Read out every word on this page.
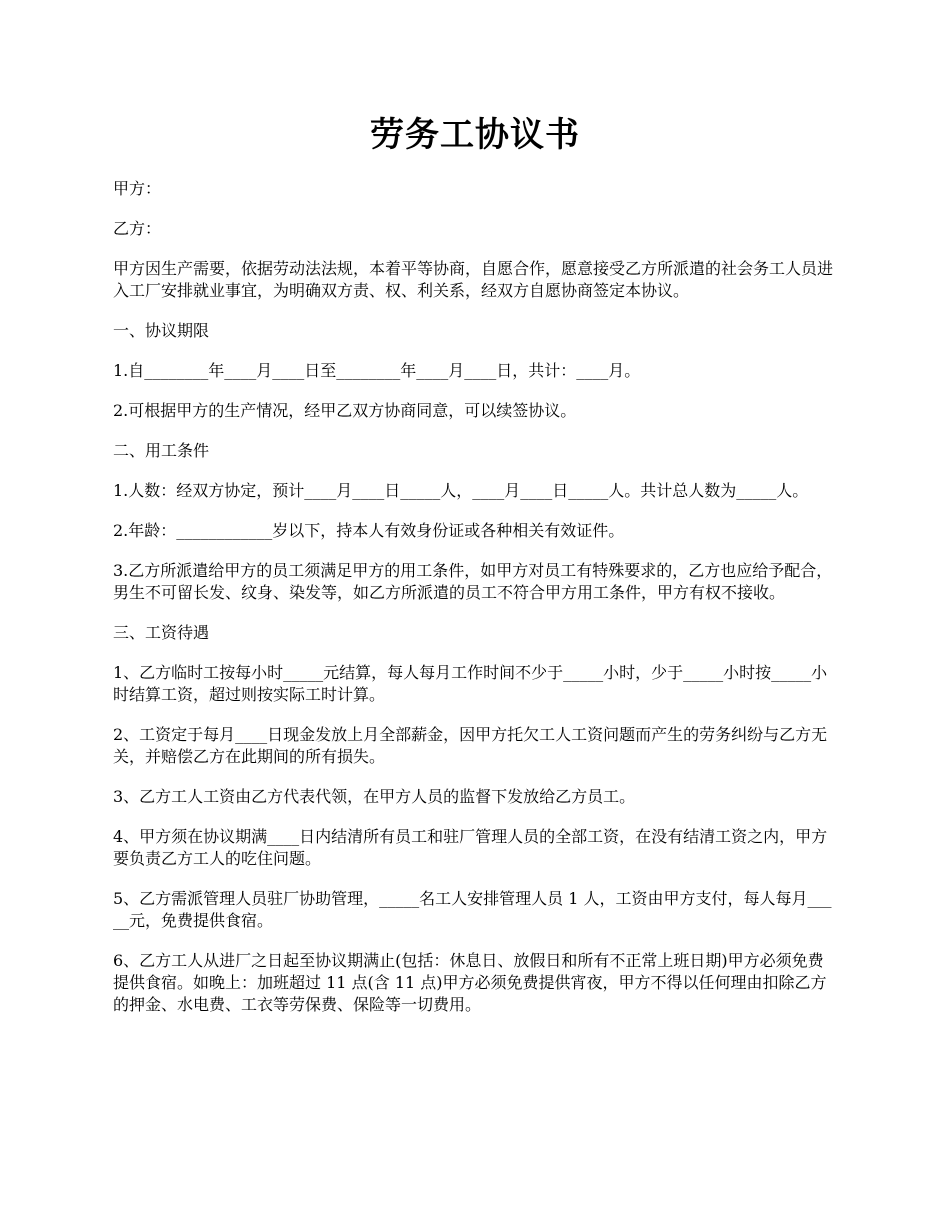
劳务工协议书

甲方：

乙方：

甲方因生产需要，依据劳动法法规，本着平等协商，自愿合作，愿意接受乙方所派遣的社会务工人员进入工厂安排就业事宜，为明确双方责、权、利关系，经双方自愿协商签定本协议。

一、协议期限

1.自________年____月____日至________年____月____日，共计：____月。

2.可根据甲方的生产情况，经甲乙双方协商同意，可以续签协议。

二、用工条件

1.人数：经双方协定，预计____月____日_____人，____月____日_____人。共计总人数为_____人。

2.年龄：____________岁以下，持本人有效身份证或各种相关有效证件。

3.乙方所派遣给甲方的员工须满足甲方的用工条件，如甲方对员工有特殊要求的，乙方也应给予配合，男生不可留长发、纹身、染发等，如乙方所派遣的员工不符合甲方用工条件，甲方有权不接收。

三、工资待遇

1、乙方临时工按每小时_____元结算，每人每月工作时间不少于_____小时，少于_____小时按_____小时结算工资，超过则按实际工时计算。

2、工资定于每月____日现金发放上月全部薪金，因甲方托欠工人工资问题而产生的劳务纠纷与乙方无关，并赔偿乙方在此期间的所有损失。

3、乙方工人工资由乙方代表代领，在甲方人员的监督下发放给乙方员工。

4、甲方须在协议期满____日内结清所有员工和驻厂管理人员的全部工资，在没有结清工资之内，甲方要负责乙方工人的吃住问题。

5、乙方需派管理人员驻厂协助管理，_____名工人安排管理人员 1 人，工资由甲方支付，每人每月_____元，免费提供食宿。

6、乙方工人从进厂之日起至协议期满止(包括：休息日、放假日和所有不正常上班日期)甲方必须免费提供食宿。如晚上：加班超过 11 点(含 11 点)甲方必须免费提供宵夜，甲方不得以任何理由扣除乙方的押金、水电费、工衣等劳保费、保险等一切费用。
